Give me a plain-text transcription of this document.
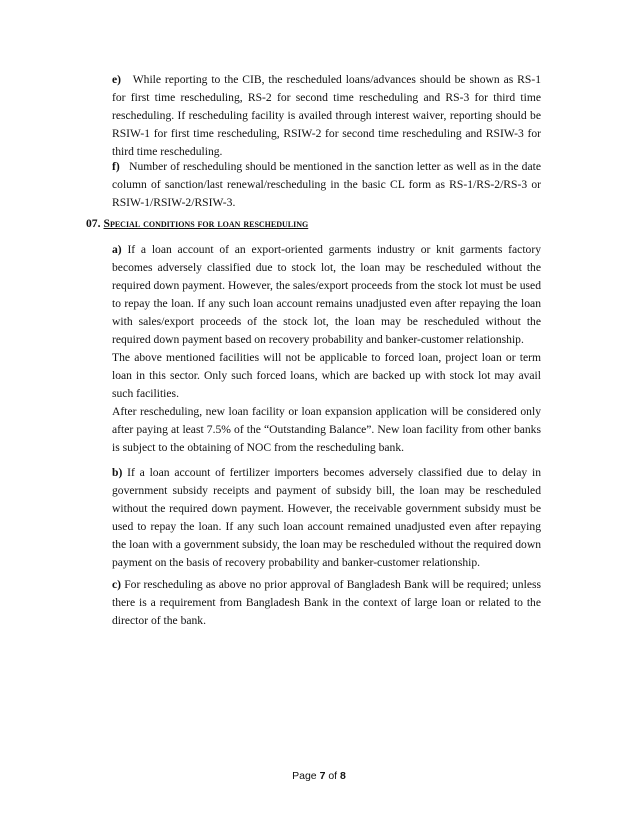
e) While reporting to the CIB, the rescheduled loans/advances should be shown as RS-1 for first time rescheduling, RS-2 for second time rescheduling and RS-3 for third time rescheduling. If rescheduling facility is availed through interest waiver, reporting should be RSIW-1 for first time rescheduling, RSIW-2 for second time rescheduling and RSIW-3 for third time rescheduling.
f) Number of rescheduling should be mentioned in the sanction letter as well as in the date column of sanction/last renewal/rescheduling in the basic CL form as RS-1/RS-2/RS-3 or RSIW-1/RSIW-2/RSIW-3.
07. Special conditions for loan rescheduling
a) If a loan account of an export-oriented garments industry or knit garments factory becomes adversely classified due to stock lot, the loan may be rescheduled without the required down payment. However, the sales/export proceeds from the stock lot must be used to repay the loan. If any such loan account remains unadjusted even after repaying the loan with sales/export proceeds of the stock lot, the loan may be rescheduled without the required down payment based on recovery probability and banker-customer relationship.
The above mentioned facilities will not be applicable to forced loan, project loan or term loan in this sector. Only such forced loans, which are backed up with stock lot may avail such facilities.
After rescheduling, new loan facility or loan expansion application will be considered only after paying at least 7.5% of the “Outstanding Balance”. New loan facility from other banks is subject to the obtaining of NOC from the rescheduling bank.
b) If a loan account of fertilizer importers becomes adversely classified due to delay in government subsidy receipts and payment of subsidy bill, the loan may be rescheduled without the required down payment. However, the receivable government subsidy must be used to repay the loan. If any such loan account remained unadjusted even after repaying the loan with a government subsidy, the loan may be rescheduled without the required down payment on the basis of recovery probability and banker-customer relationship.
c) For rescheduling as above no prior approval of Bangladesh Bank will be required; unless there is a requirement from Bangladesh Bank in the context of large loan or related to the director of the bank.
Page 7 of 8
